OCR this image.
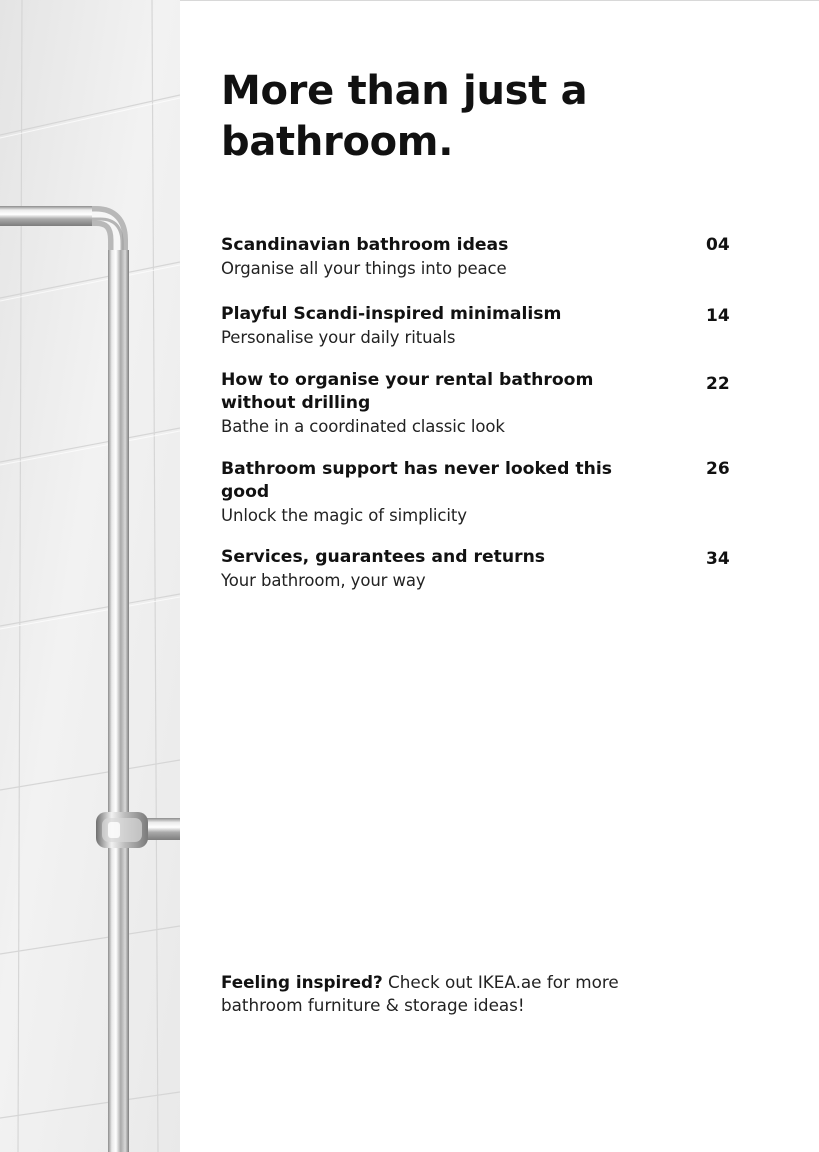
More than just a bathroom.
Scandinavian bathroom ideas
Organise all your things into peace
04
Playful Scandi-inspired minimalism
Personalise your daily rituals
14
How to organise your rental bathroom without drilling
Bathe in a coordinated classic look
22
Bathroom support has never looked this good
Unlock the magic of simplicity
26
Services, guarantees and returns
Your bathroom, your way
34

Feeling inspired? Check out IKEA.ae for more bathroom furniture & storage ideas!
